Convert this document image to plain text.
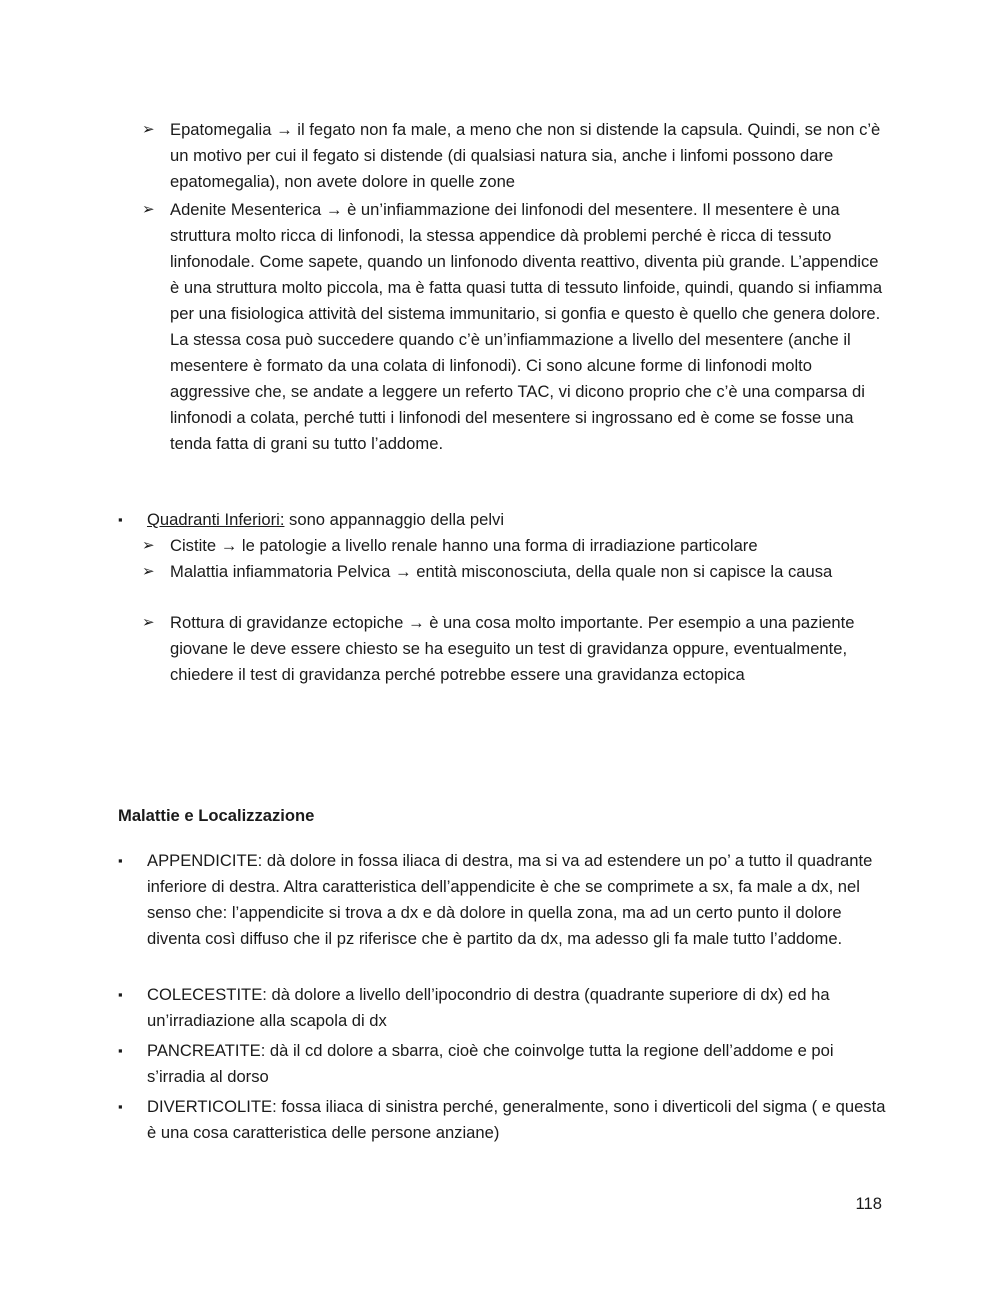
➢ Epatomegalia → il fegato non fa male, a meno che non si distende la capsula. Quindi, se non c’è un motivo per cui il fegato si distende (di qualsiasi natura sia, anche i linfomi possono dare epatomegalia), non avete dolore in quelle zone
➢ Adenite Mesenterica → è un’infiammazione dei linfonodi del mesentere. Il mesentere è una struttura molto ricca di linfonodi, la stessa appendice dà problemi perché è ricca di tessuto linfonodale. Come sapete, quando un linfonodo diventa reattivo, diventa più grande. L’appendice è una struttura molto piccola, ma è fatta quasi tutta di tessuto linfoide, quindi, quando si infiamma per una fisiologica attività del sistema immunitario, si gonfia e questo è quello che genera dolore. La stessa cosa può succedere quando c’è un’infiammazione a livello del mesentere (anche il mesentere è formato da una colata di linfonodi). Ci sono alcune forme di linfonodi molto aggressive che, se andate a leggere un referto TAC, vi dicono proprio che c’è una comparsa di linfonodi a colata, perché tutti i linfonodi del mesentere si ingrossano ed è come se fosse una tenda fatta di grani su tutto l’addome.
▪	Quadranti Inferiori: sono appannaggio della pelvi
➢ Cistite → le patologie a livello renale hanno una forma di irradiazione particolare
➢ Malattia infiammatoria Pelvica → entità misconosciuta, della quale non si capisce la causa
➢ Rottura di gravidanze ectopiche → è una cosa molto importante. Per esempio a una paziente giovane le deve essere chiesto se ha eseguito un test di gravidanza oppure, eventualmente, chiedere il test di gravidanza perché potrebbe essere una gravidanza ectopica
Malattie e Localizzazione
▪	APPENDICITE: dà dolore in fossa iliaca di destra, ma si va ad estendere un po’ a tutto il quadrante inferiore di destra. Altra caratteristica dell’appendicite è che se comprimete a sx, fa male a dx, nel senso che: l’appendicite si trova a dx e dà dolore in quella zona, ma ad un certo punto il dolore diventa così diffuso che il pz riferisce che è partito da dx, ma adesso gli fa male tutto l’addome.
▪	COLECESTITE: dà dolore a livello dell’ipocondrio di destra (quadrante superiore di dx) ed ha un’irradiazione alla scapola di dx
▪	PANCREATITE: dà il cd dolore a sbarra, cioè che coinvolge tutta la regione dell’addome e poi s’irradia al dorso
▪	DIVERTICOLITE: fossa iliaca di sinistra perché, generalmente, sono i diverticoli del sigma ( e questa è una cosa caratteristica delle persone anziane)
118
